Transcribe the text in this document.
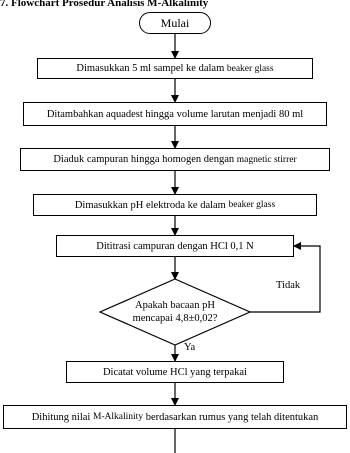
7. Flowchart Prosedur Analisis M-Alkalinity
Mulai
Dimasukkan 5 ml sampel ke dalam
beaker glass
Ditambahkan aquadest hingga volume larutan menjadi 80 ml
Diaduk campuran hingga homogen dengan
magnetic stirrer
Dimasukkan pH elektroda ke dalam
beaker glass
Dititrasi campuran dengan HCl 0,1 N
Apakah bacaan pH
mencapai 4,8±0,02?
Tidak
Ya
Dicatat volume HCl yang terpakai
Dihitung nilai
M-Alkalinity
berdasarkan rumus yang telah ditentukan
